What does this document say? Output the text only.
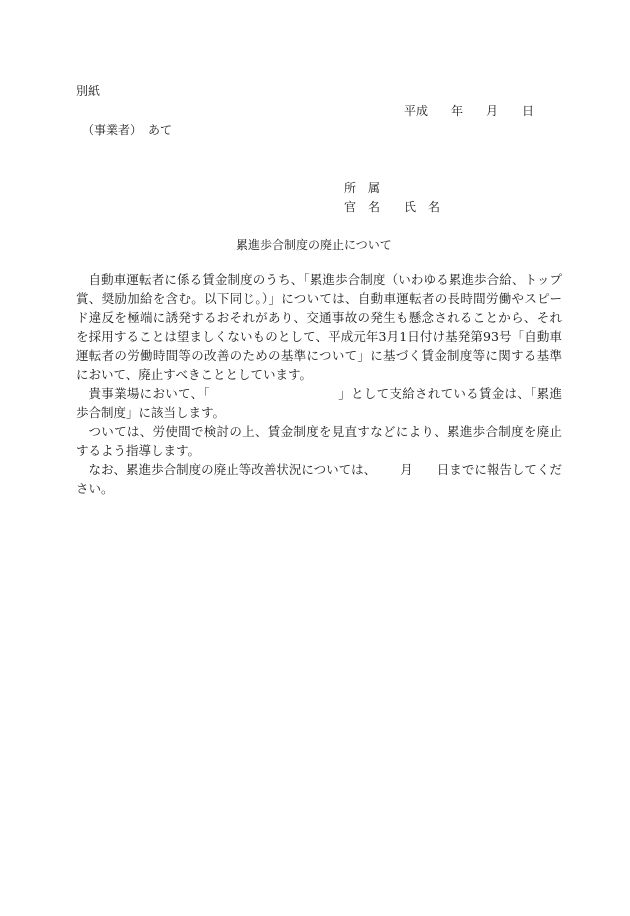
別紙
平成 年 月 日
（事業者）　あて
所　属
官　名 氏　名
累進歩合制度の廃止について

自動車運転者に係る賃金制度のうち、「累進歩合制度（いわゆる累進歩合給、トップ賞、奨励加給を含む。以下同じ。）」については、自動車運転者の長時間労働やスピード違反を極端に誘発するおそれがあり、交通事故の発生も懸念されることから、それを採用することは望ましくないものとして、平成元年3月1日付け基発第93号「自動車運転者の労働時間等の改善のための基準について」に基づく賃金制度等に関する基準において、廃止すべきこととしています。

貴事業場において、「	」として支給されている賃金は、「累進歩合制度」に該当します。

ついては、労使間で検討の上、賃金制度を見直すなどにより、累進歩合制度を廃止するよう指導します。

なお、累進歩合制度の廃止等改善状況については、 月 日までに報告してください。
